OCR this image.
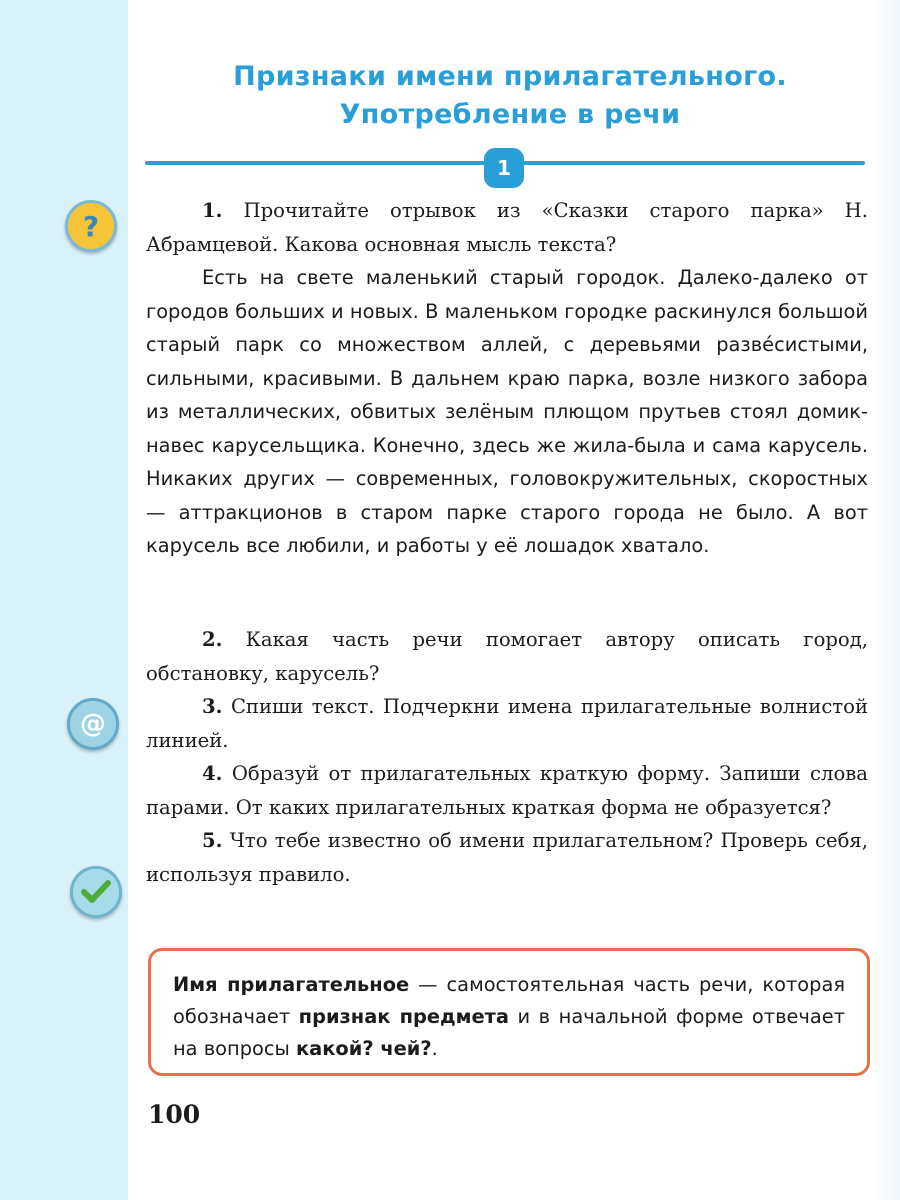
Признаки имени прилагательного.
Употребление в речи
1
?
@

1. Прочитайте отрывок из «Сказки старого парка» Н. Абрамцевой. Какова основная мысль текста?

Есть на свете маленький старый городок. Далеко-далеко от городов больших и новых. В маленьком городке раскинулся большой старый парк со множеством аллей, с деревьями развéсистыми, сильными, красивыми. В дальнем краю парка, возле низкого забора из металлических, обвитых зелёным плющом прутьев стоял домик-навес карусельщика. Конечно, здесь же жила-была и сама карусель. Никаких других — современных, головокружительных, скоростных — аттракционов в старом парке старого города не было. А вот карусель все любили, и работы у её лошадок хватало.

2. Какая часть речи помогает автору описать город, обстановку, карусель?

3. Спиши текст. Подчеркни имена прилагательные волнистой линией.

4. Образуй от прилагательных краткую форму. Запиши слова парами. От каких прилагательных краткая форма не образуется?

5. Что тебе известно об имени прилагательном? Проверь себя, используя правило.

Имя прилагательное — самостоятельная часть речи, которая обозначает признак предмета и в начальной форме отвечает на вопросы какой? чей?.
100
